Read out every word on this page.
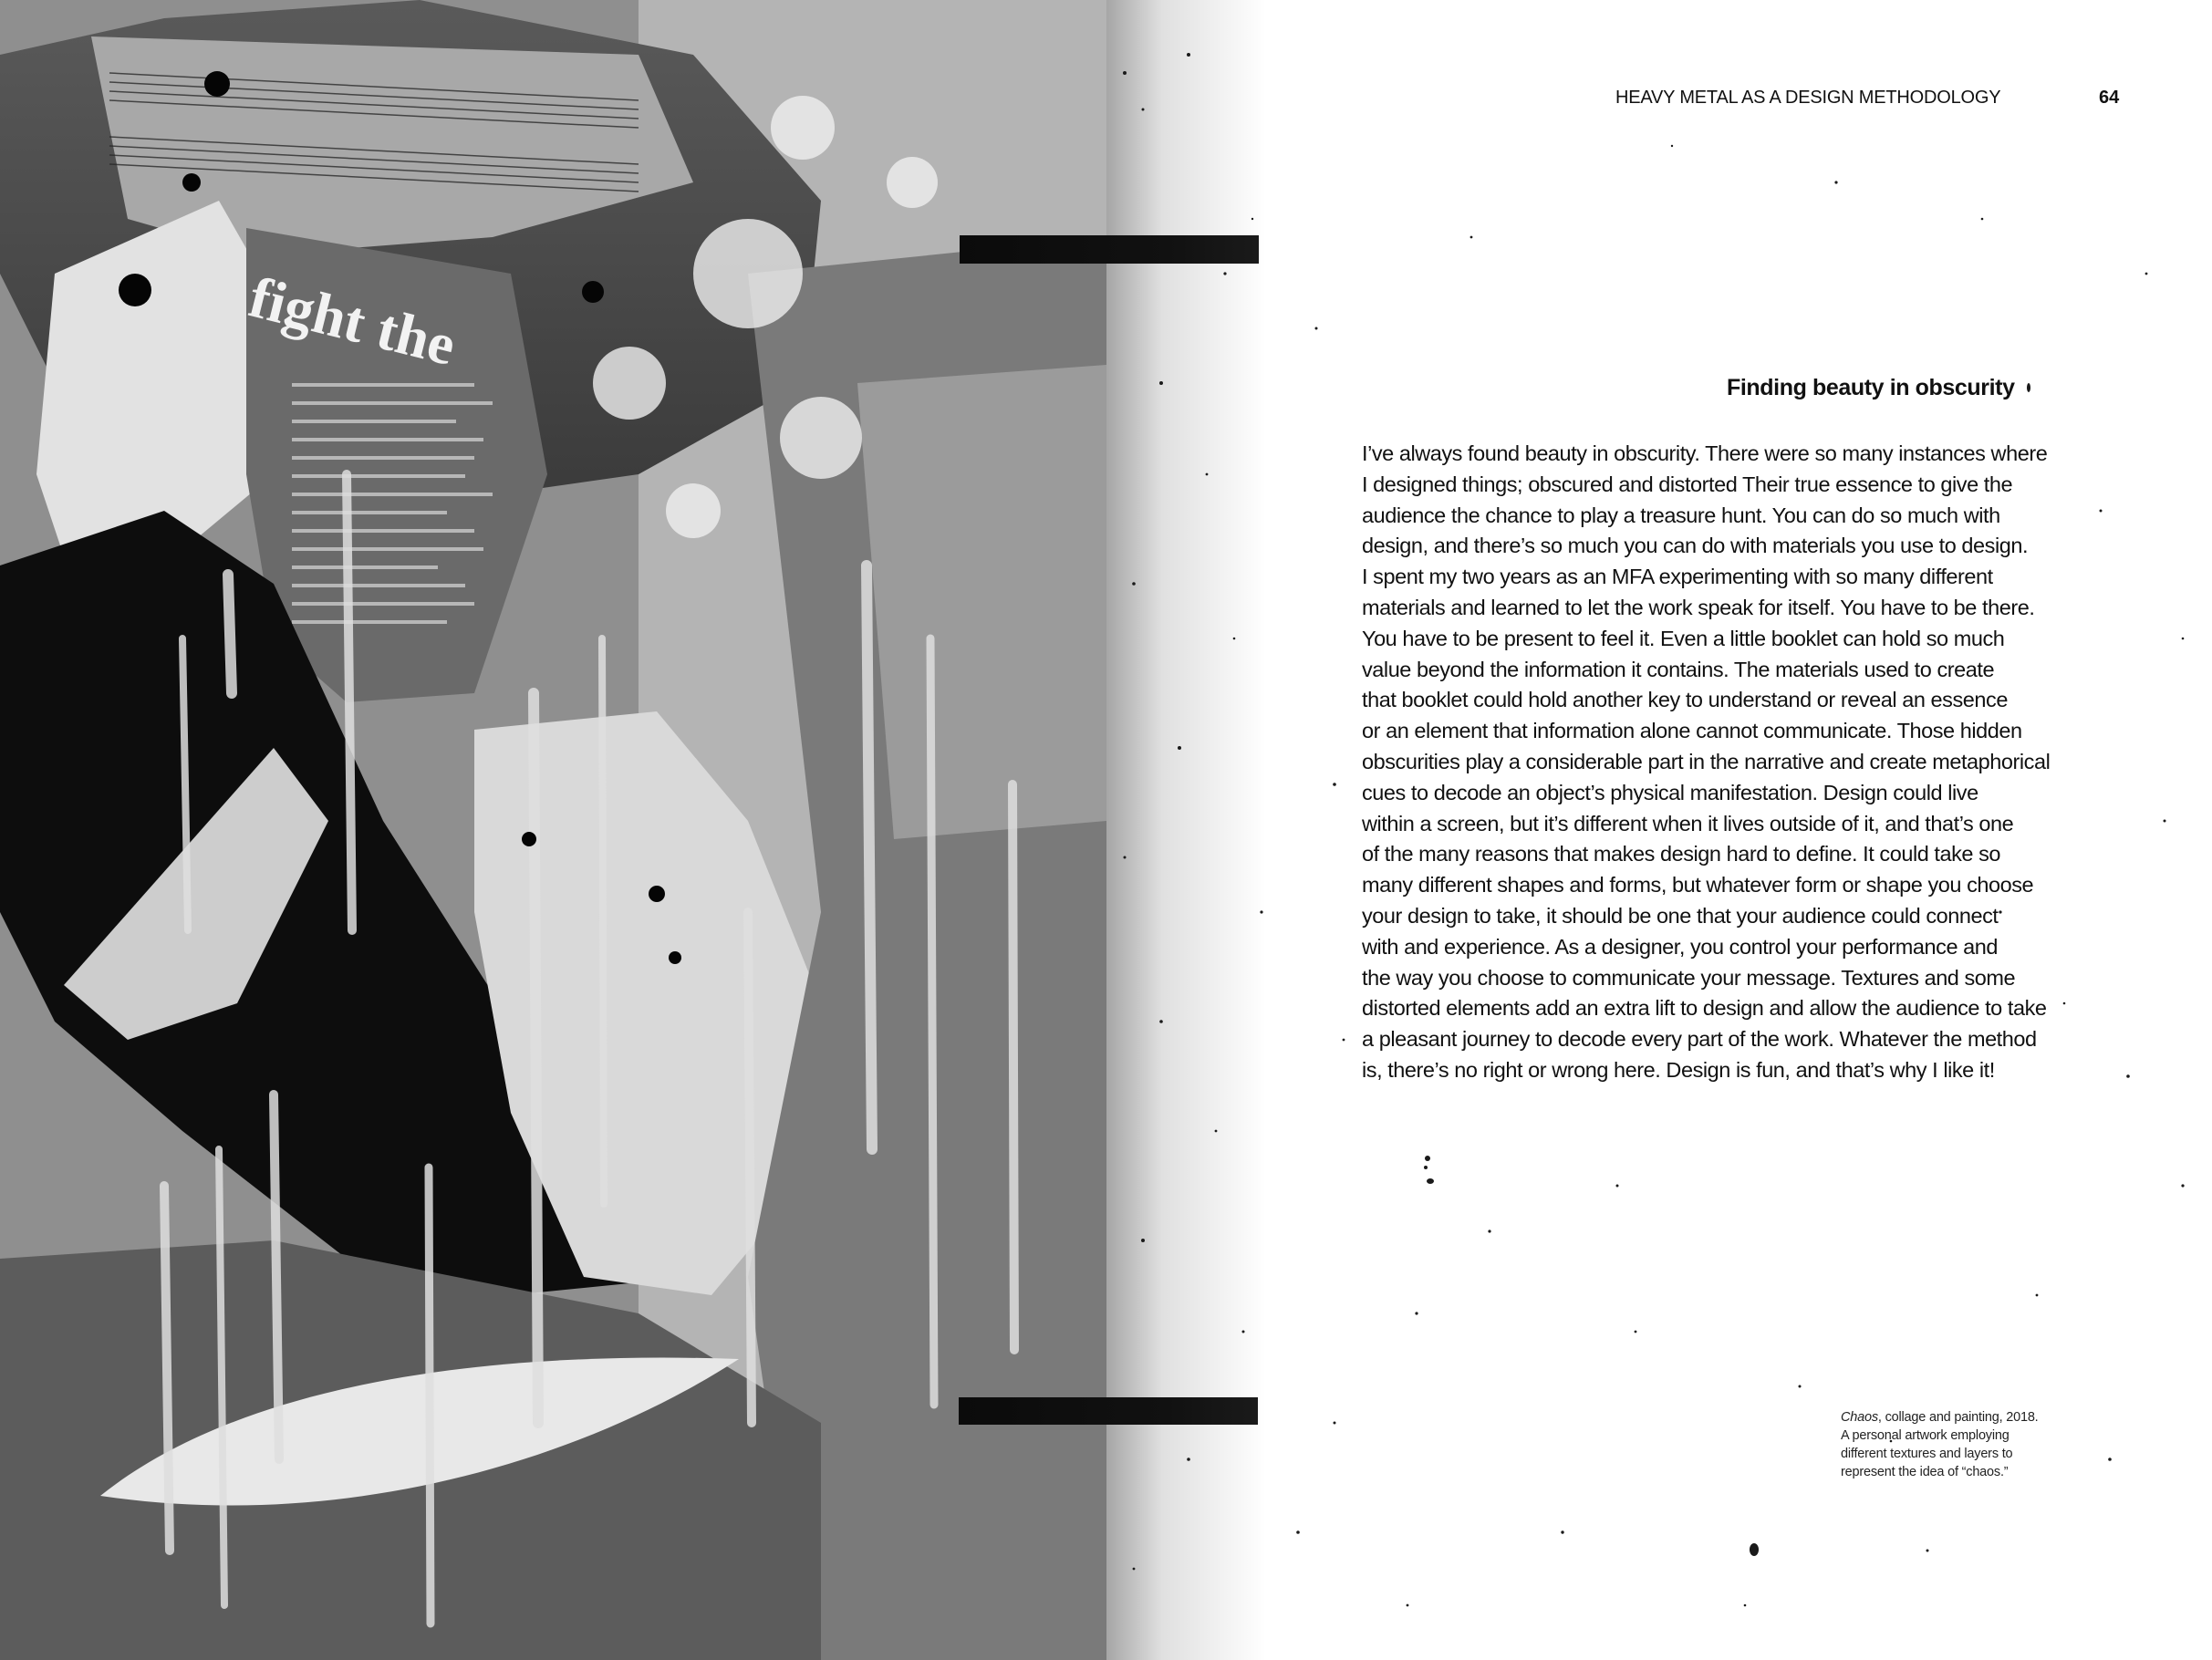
fight the
HEAVY METAL AS A DESIGN METHODOLOGY	64
Finding beauty in obscurity
I’ve always found beauty in obscurity. There were so many instances where
I designed things; obscured and distorted Their true essence to give the
audience the chance to play a treasure hunt. You can do so much with
design, and there’s so much you can do with materials you use to design.
I spent my two years as an MFA experimenting with so many different
materials and learned to let the work speak for itself. You have to be there.
You have to be present to feel it. Even a little booklet can hold so much
value beyond the information it contains. The materials used to create
that booklet could hold another key to understand or reveal an essence
or an element that information alone cannot communicate. Those hidden
obscurities play a considerable part in the narrative and create metaphorical
cues to decode an object’s physical manifestation. Design could live
within a screen, but it’s different when it lives outside of it, and that’s one
of the many reasons that makes design hard to define. It could take so
many different shapes and forms, but whatever form or shape you choose
your design to take, it should be one that your audience could connect
with and experience. As a designer, you control your performance and
the way you choose to communicate your message. Textures and some
distorted elements add an extra lift to design and allow the audience to take
a pleasant journey to decode every part of the work. Whatever the method
is, there’s no right or wrong here. Design is fun, and that’s why I like it!
Chaos, collage and painting, 2018.
A personal artwork employing
different textures and layers to
represent the idea of “chaos.”
